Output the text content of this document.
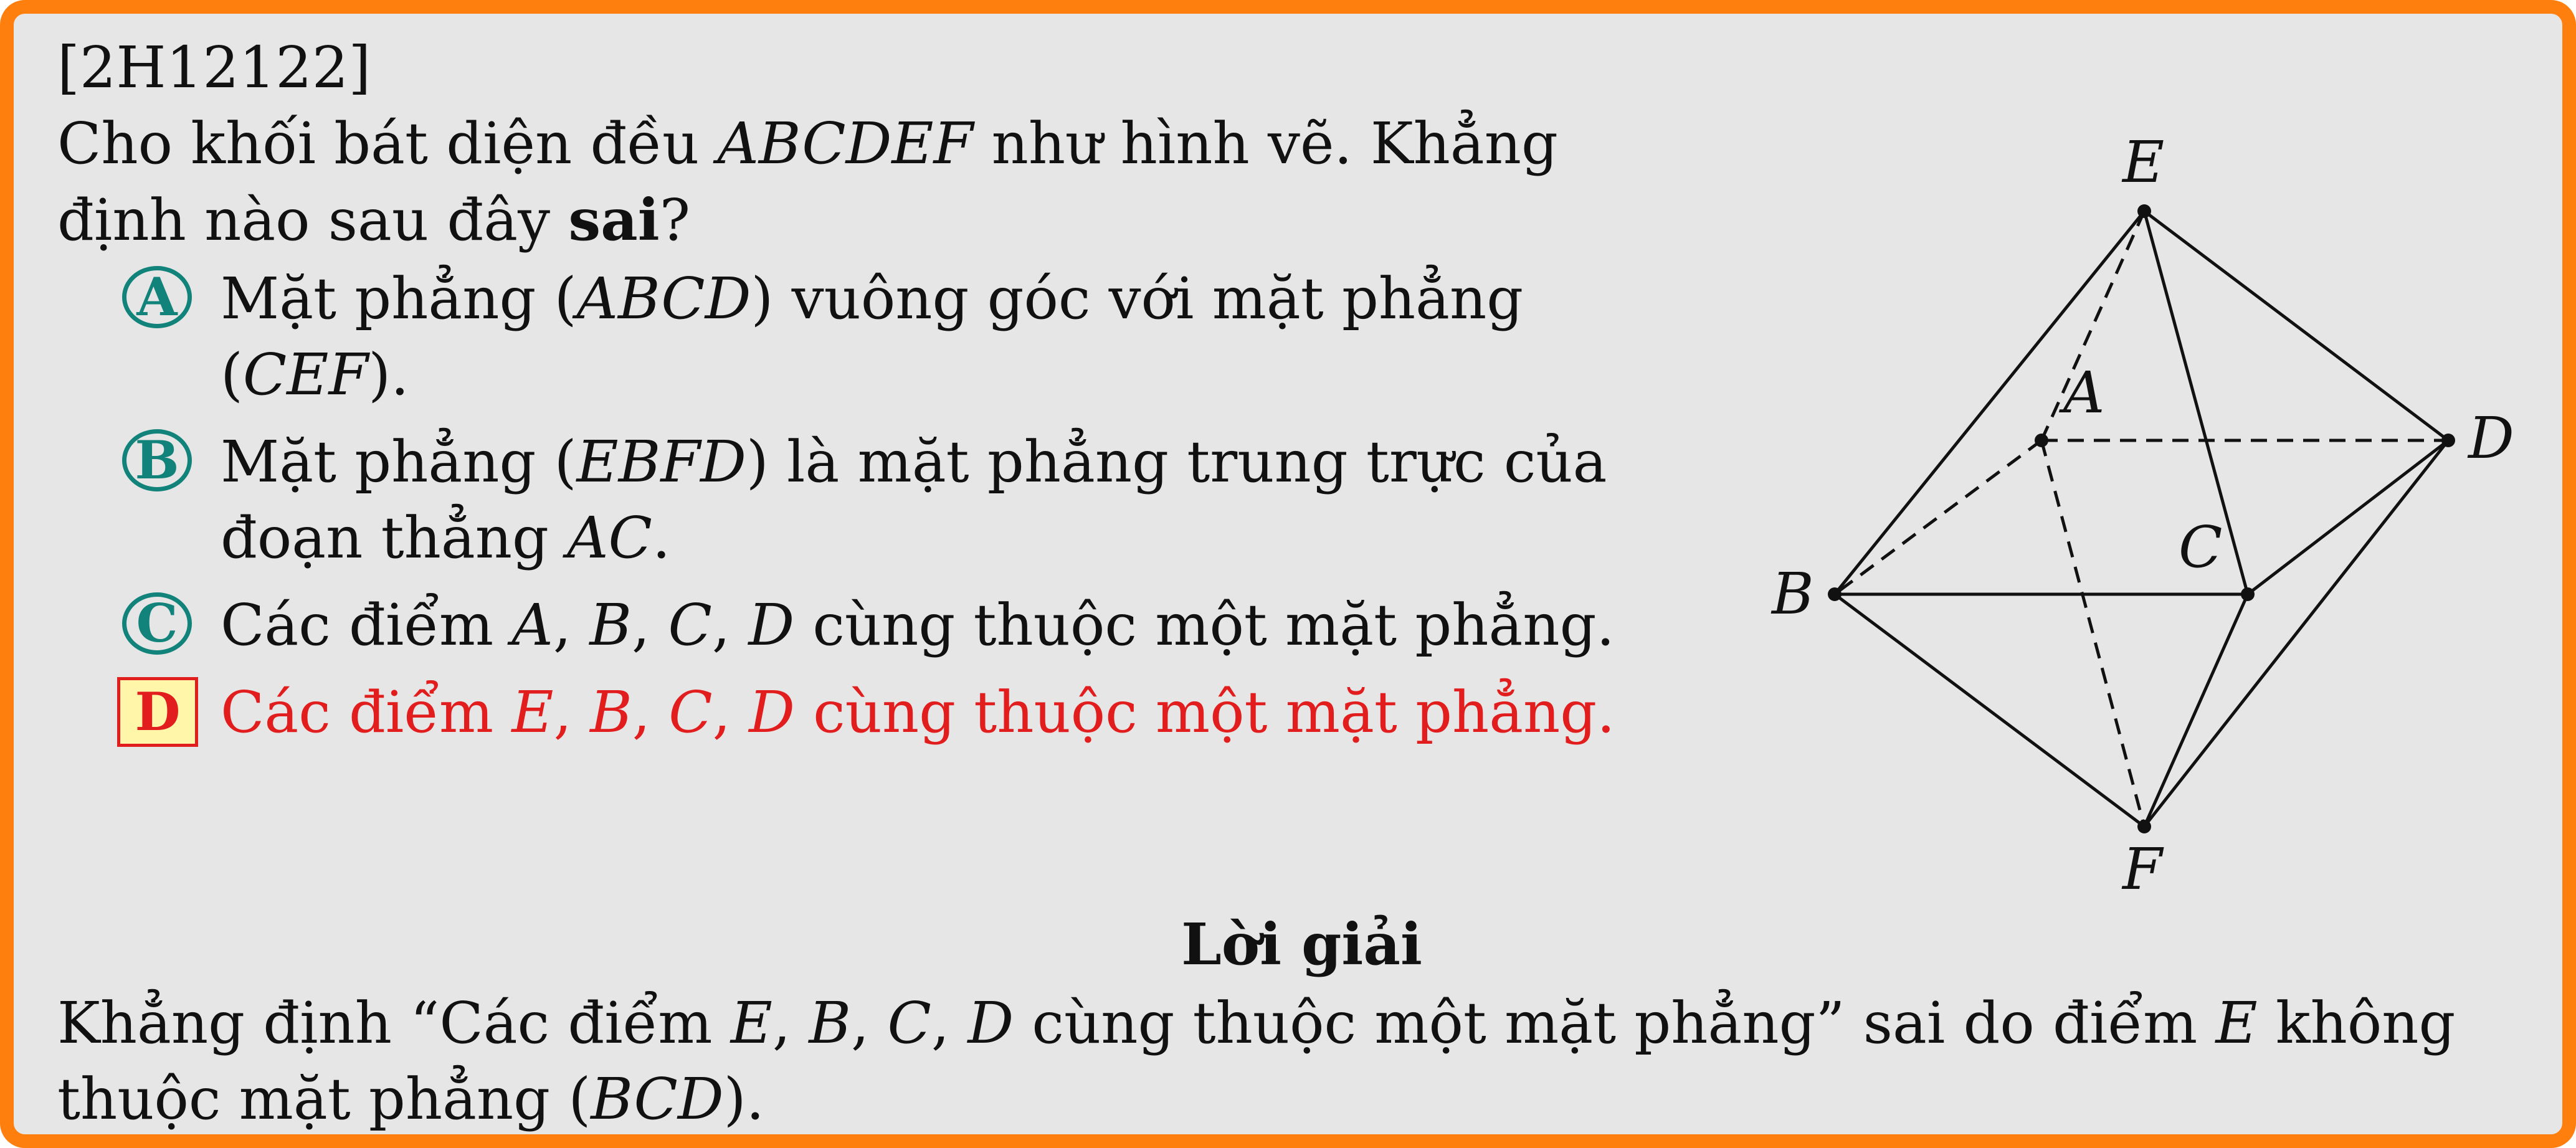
[2H12122]
Cho khối bát diện đều ABCDEF như hình vẽ. Khẳng định nào sau đây sai?
A Mặt phẳng (ABCD) vuông góc với mặt phẳng (CEF).
B Mặt phẳng (EBFD) là mặt phẳng trung trực của đoạn thẳng AC.
C Các điểm A, B, C, D cùng thuộc một mặt phẳng.
D Các điểm E, B, C, D cùng thuộc một mặt phẳng.
E
A
D
B
C
F
Lời giải
Khẳng định “Các điểm E, B, C, D cùng thuộc một mặt phẳng” sai do điểm E không thuộc mặt phẳng (BCD).
